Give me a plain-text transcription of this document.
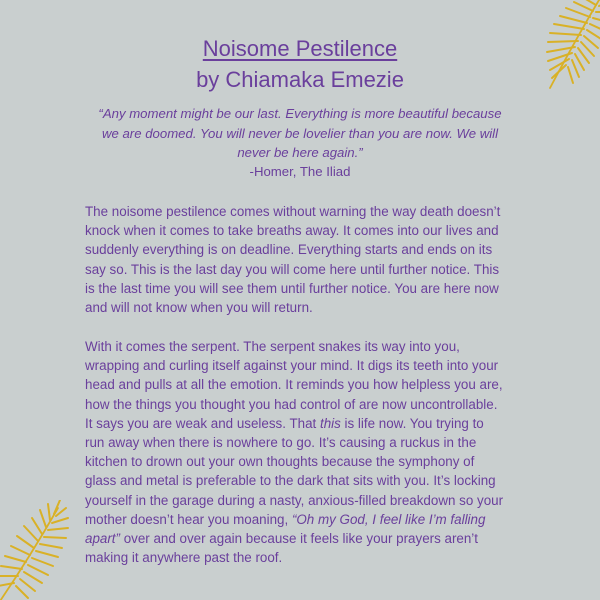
Noisome Pestilence
by Chiamaka Emezie
“Any moment might be our last. Everything is more beautiful because
we are doomed. You will never be lovelier than you are now. We will
never be here again.”
-Homer, The Iliad
The noisome pestilence comes without warning the way death doesn’t
knock when it comes to take breaths away. It comes into our lives and
suddenly everything is on deadline. Everything starts and ends on its
say so. This is the last day you will come here until further notice. This
is the last time you will see them until further notice. You are here now
and will not know when you will return.
With it comes the serpent. The serpent snakes its way into you,
wrapping and curling itself against your mind. It digs its teeth into your
head and pulls at all the emotion. It reminds you how helpless you are,
how the things you thought you had control of are now uncontrollable.
It says you are weak and useless. That this is life now. You trying to
run away when there is nowhere to go. It’s causing a ruckus in the
kitchen to drown out your own thoughts because the symphony of
glass and metal is preferable to the dark that sits with you. It’s locking
yourself in the garage during a nasty, anxious-filled breakdown so your
mother doesn’t hear you moaning, “Oh my God, I feel like I’m falling
apart” over and over again because it feels like your prayers aren’t
making it anywhere past the roof.
